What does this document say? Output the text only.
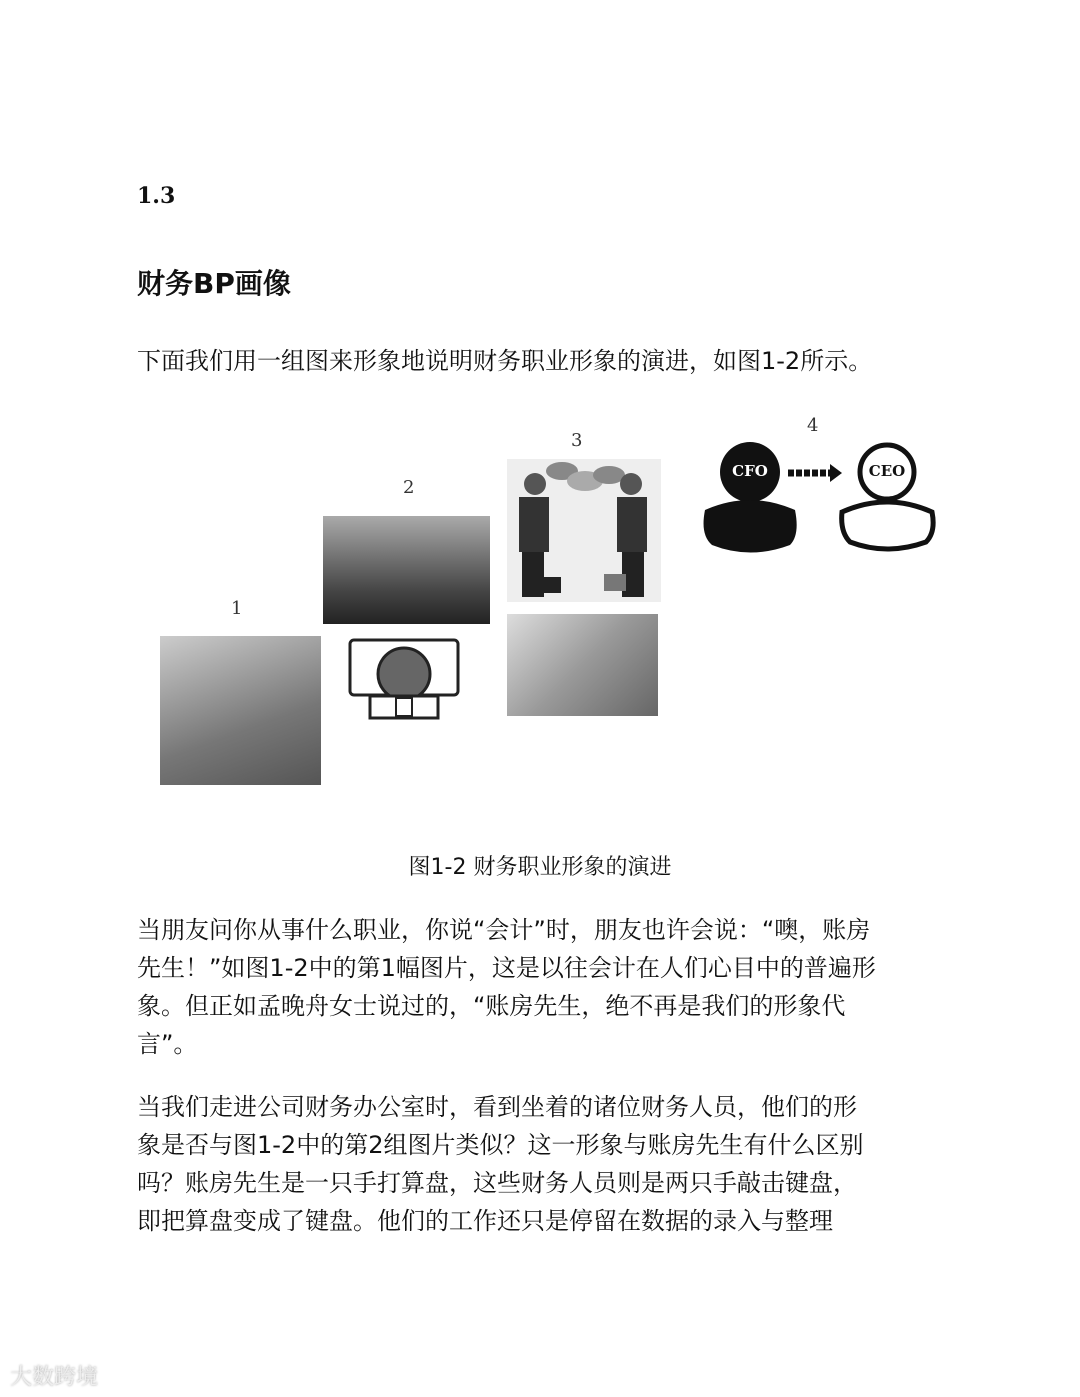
1.3
财务BP画像
下面我们用一组图来形象地说明财务职业形象的演进，如图1-2所示。
1
2
3
4
CFO	CEO
图1-2 财务职业形象的演进
当朋友问你从事什么职业，你说“会计”时，朋友也许会说：“噢，账房
先生！”如图1-2中的第1幅图片，这是以往会计在人们心目中的普遍形
象。但正如孟晚舟女士说过的，“账房先生，绝不再是我们的形象代
言”。
当我们走进公司财务办公室时，看到坐着的诸位财务人员，他们的形
象是否与图1-2中的第2组图片类似？这一形象与账房先生有什么区别
吗？账房先生是一只手打算盘，这些财务人员则是两只手敲击键盘，
即把算盘变成了键盘。他们的工作还只是停留在数据的录入与整理
大数跨境
